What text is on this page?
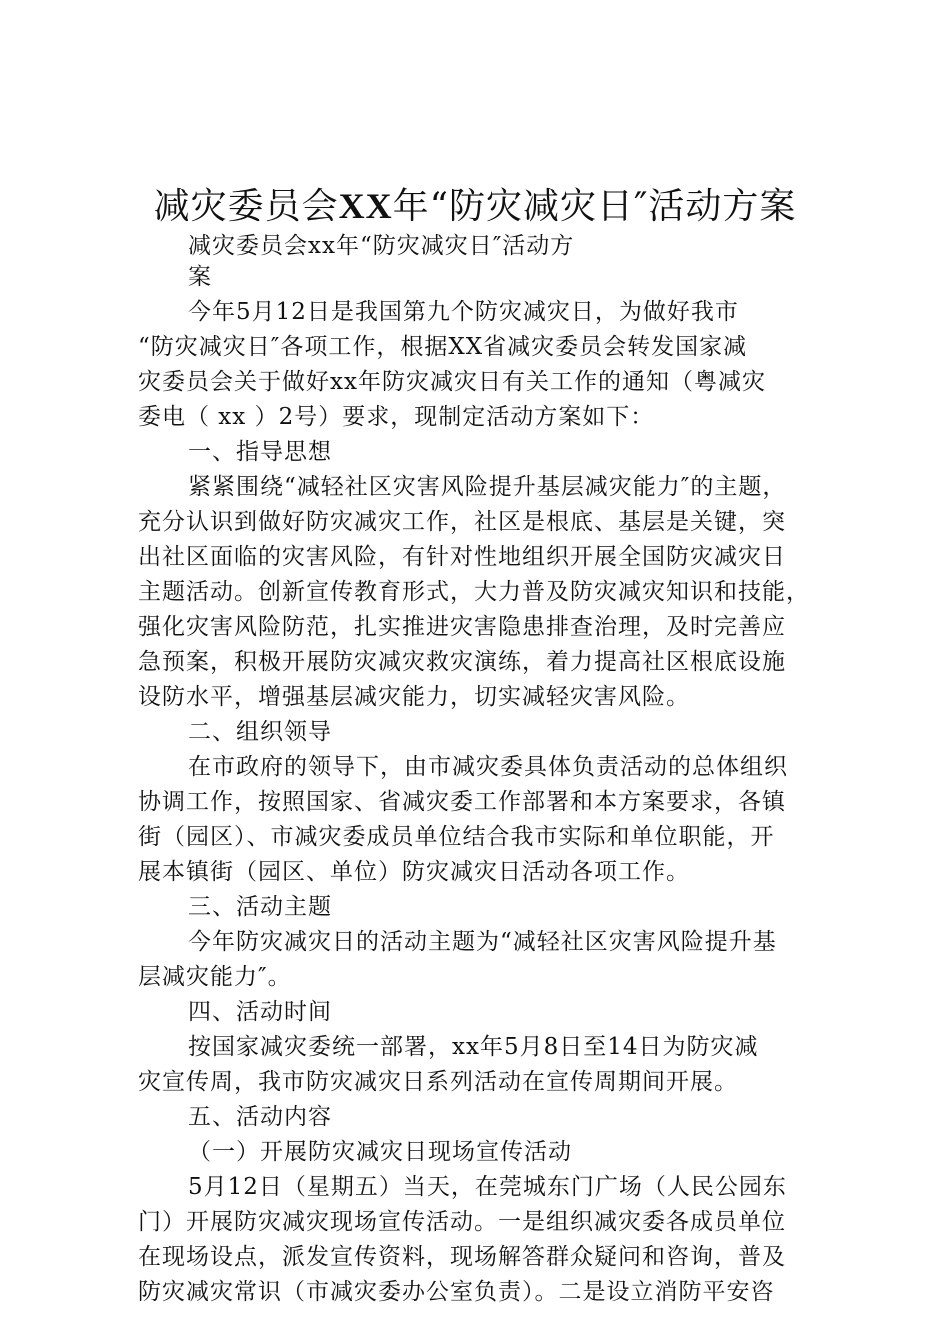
减灾委员会XX年“防灾减灾日″活动方案
减灾委员会xx年“防灾减灾日″活动方
案
今年5月12日是我国第九个防灾减灾日，为做好我市
“防灾减灾日″各项工作，根据XX省减灾委员会转发国家减
灾委员会关于做好xx年防灾减灾日有关工作的通知（粤减灾
委电（ xx ）2号）要求，现制定活动方案如下：
一、指导思想
紧紧围绕“减轻社区灾害风险提升基层减灾能力″的主题，
充分认识到做好防灾减灾工作，社区是根底、基层是关键，突
出社区面临的灾害风险，有针对性地组织开展全国防灾减灾日
主题活动。创新宣传教育形式，大力普及防灾减灾知识和技能，
强化灾害风险防范，扎实推进灾害隐患排查治理，及时完善应
急预案，积极开展防灾减灾救灾演练，着力提高社区根底设施
设防水平，增强基层减灾能力，切实减轻灾害风险。
二、组织领导
在市政府的领导下，由市减灾委具体负责活动的总体组织
协调工作，按照国家、省减灾委工作部署和本方案要求，各镇
街（园区）、市减灾委成员单位结合我市实际和单位职能，开
展本镇街（园区、单位）防灾减灾日活动各项工作。
三、活动主题
今年防灾减灾日的活动主题为“减轻社区灾害风险提升基
层减灾能力″。
四、活动时间
按国家减灾委统一部署，xx年5月8日至14日为防灾减
灾宣传周，我市防灾减灾日系列活动在宣传周期间开展。
五、活动内容
（一）开展防灾减灾日现场宣传活动
5月12日（星期五）当天，在莞城东门广场（人民公园东
门）开展防灾减灾现场宣传活动。一是组织减灾委各成员单位
在现场设点，派发宣传资料，现场解答群众疑问和咨询，普及
防灾减灾常识（市减灾委办公室负责）。二是设立消防平安咨
